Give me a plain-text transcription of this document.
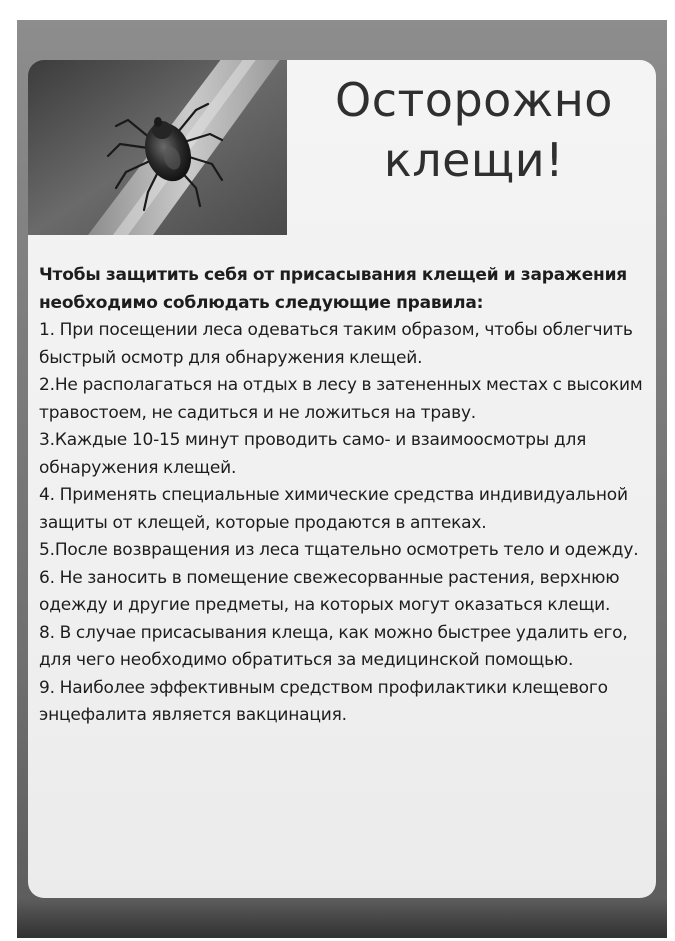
Осторожно
клещи!

Чтобы защитить себя от присасывания клещей и заражения необходимо соблюдать следующие правила:

1. При посещении леса одеваться таким образом, чтобы облегчить быстрый осмотр для обнаружения клещей.

2.Не располагаться на отдых в лесу в затененных местах с высоким травостоем, не садиться и не ложиться на траву.

3.Каждые 10-15 минут проводить само- и взаимоосмотры для обнаружения клещей.

4. Применять специальные химические средства индивидуальной защиты от клещей, которые продаются в аптеках.

5.После возвращения из леса тщательно осмотреть тело и одежду.

6. Не заносить в помещение свежесорванные растения, верхнюю одежду и другие предметы, на которых могут оказаться клещи.

8. В случае присасывания клеща, как можно быстрее удалить его, для чего необходимо обратиться за медицинской помощью.

9. Наиболее эффективным средством профилактики клещевого энцефалита является вакцинация.
